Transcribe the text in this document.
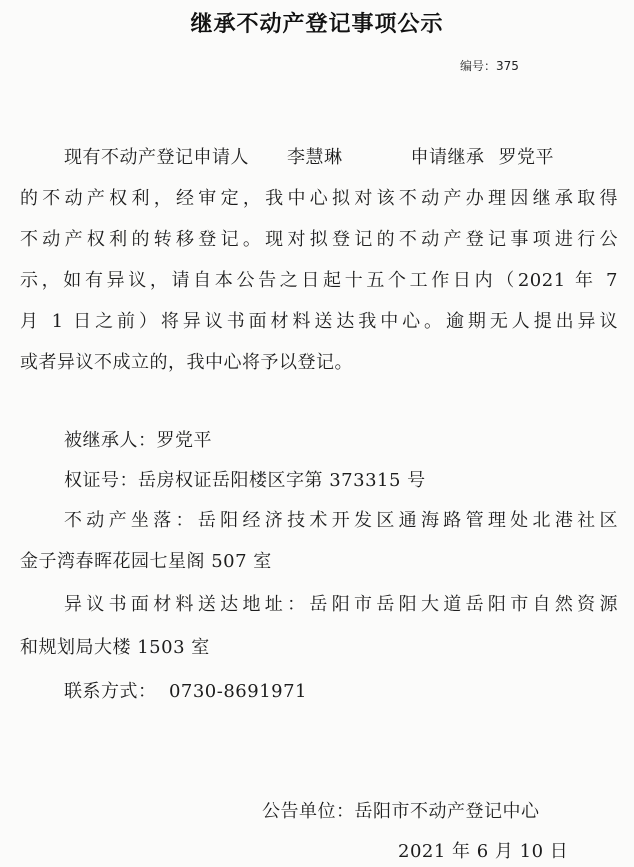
继承不动产登记事项公示
编号：375
现有不动产登记申请人 李慧琳	申请继承 罗党平
的不动产权利，经审定，我中心拟对该不动产办理因继承取得
不动产权利的转移登记。现对拟登记的不动产登记事项进行公
示，如有异议，请自本公告之日起十五个工作日内（2021 年 7
月 1 日之前）将异议书面材料送达我中心。逾期无人提出异议
或者异议不成立的，我中心将予以登记。
被继承人：罗党平
权证号：岳房权证岳阳楼区字第 373315 号
不动产坐落：岳阳经济技术开发区通海路管理处北港社区
金子湾春晖花园七星阁 507 室
异议书面材料送达地址：岳阳市岳阳大道岳阳市自然资源
和规划局大楼 1503 室
联系方式：  0730-8691971
公告单位：岳阳市不动产登记中心
2021 年 6 月 10 日
